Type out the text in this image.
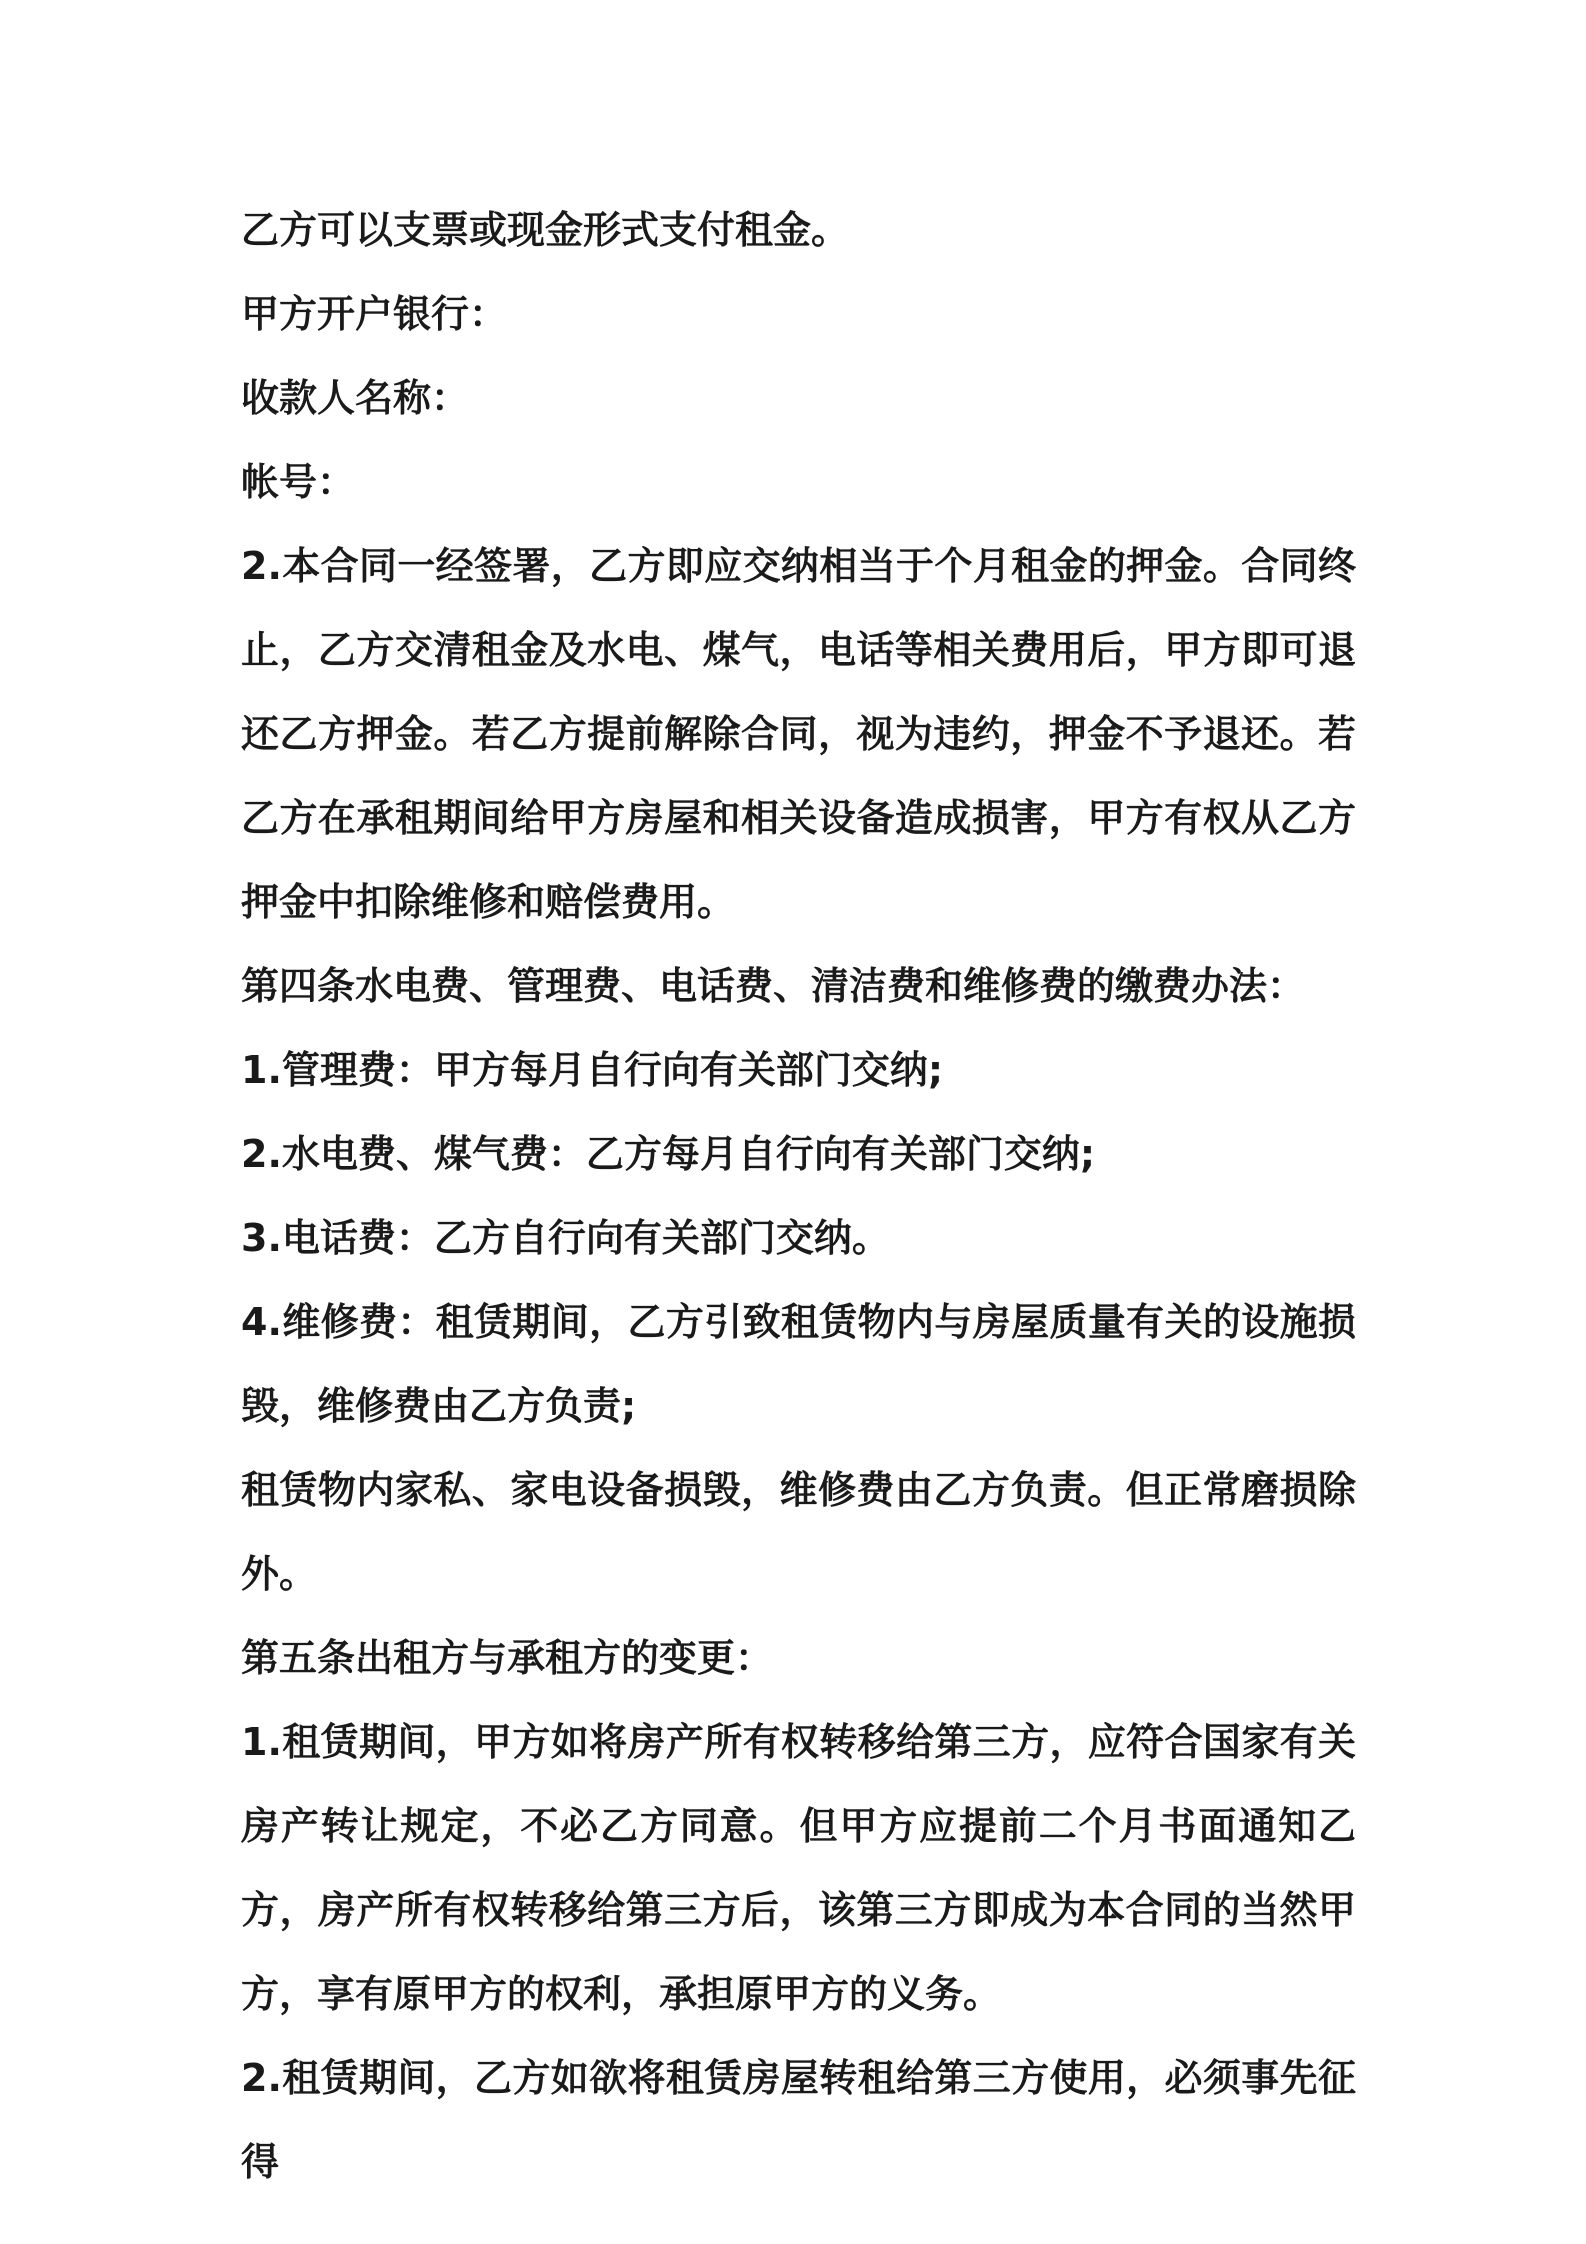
乙方可以支票或现金形式支付租金。

甲方开户银行：

收款人名称：

帐号：

2.本合同一经签署，乙方即应交纳相当于个月租金的押金。合同终止，乙方交清租金及水电、煤气，电话等相关费用后，甲方即可退还乙方押金。若乙方提前解除合同，视为违约，押金不予退还。若乙方在承租期间给甲方房屋和相关设备造成损害，甲方有权从乙方押金中扣除维修和赔偿费用。

第四条水电费、管理费、电话费、清洁费和维修费的缴费办法：

1.管理费：甲方每月自行向有关部门交纳;

2.水电费、煤气费：乙方每月自行向有关部门交纳;

3.电话费：乙方自行向有关部门交纳。

4.维修费：租赁期间，乙方引致租赁物内与房屋质量有关的设施损毁，维修费由乙方负责;

租赁物内家私、家电设备损毁，维修费由乙方负责。但正常磨损除外。

第五条出租方与承租方的变更：

1.租赁期间，甲方如将房产所有权转移给第三方，应符合国家有关房产转让规定，不必乙方同意。但甲方应提前二个月书面通知乙方，房产所有权转移给第三方后，该第三方即成为本合同的当然甲方，享有原甲方的权利，承担原甲方的义务。

2.租赁期间，乙方如欲将租赁房屋转租给第三方使用，必须事先征得
